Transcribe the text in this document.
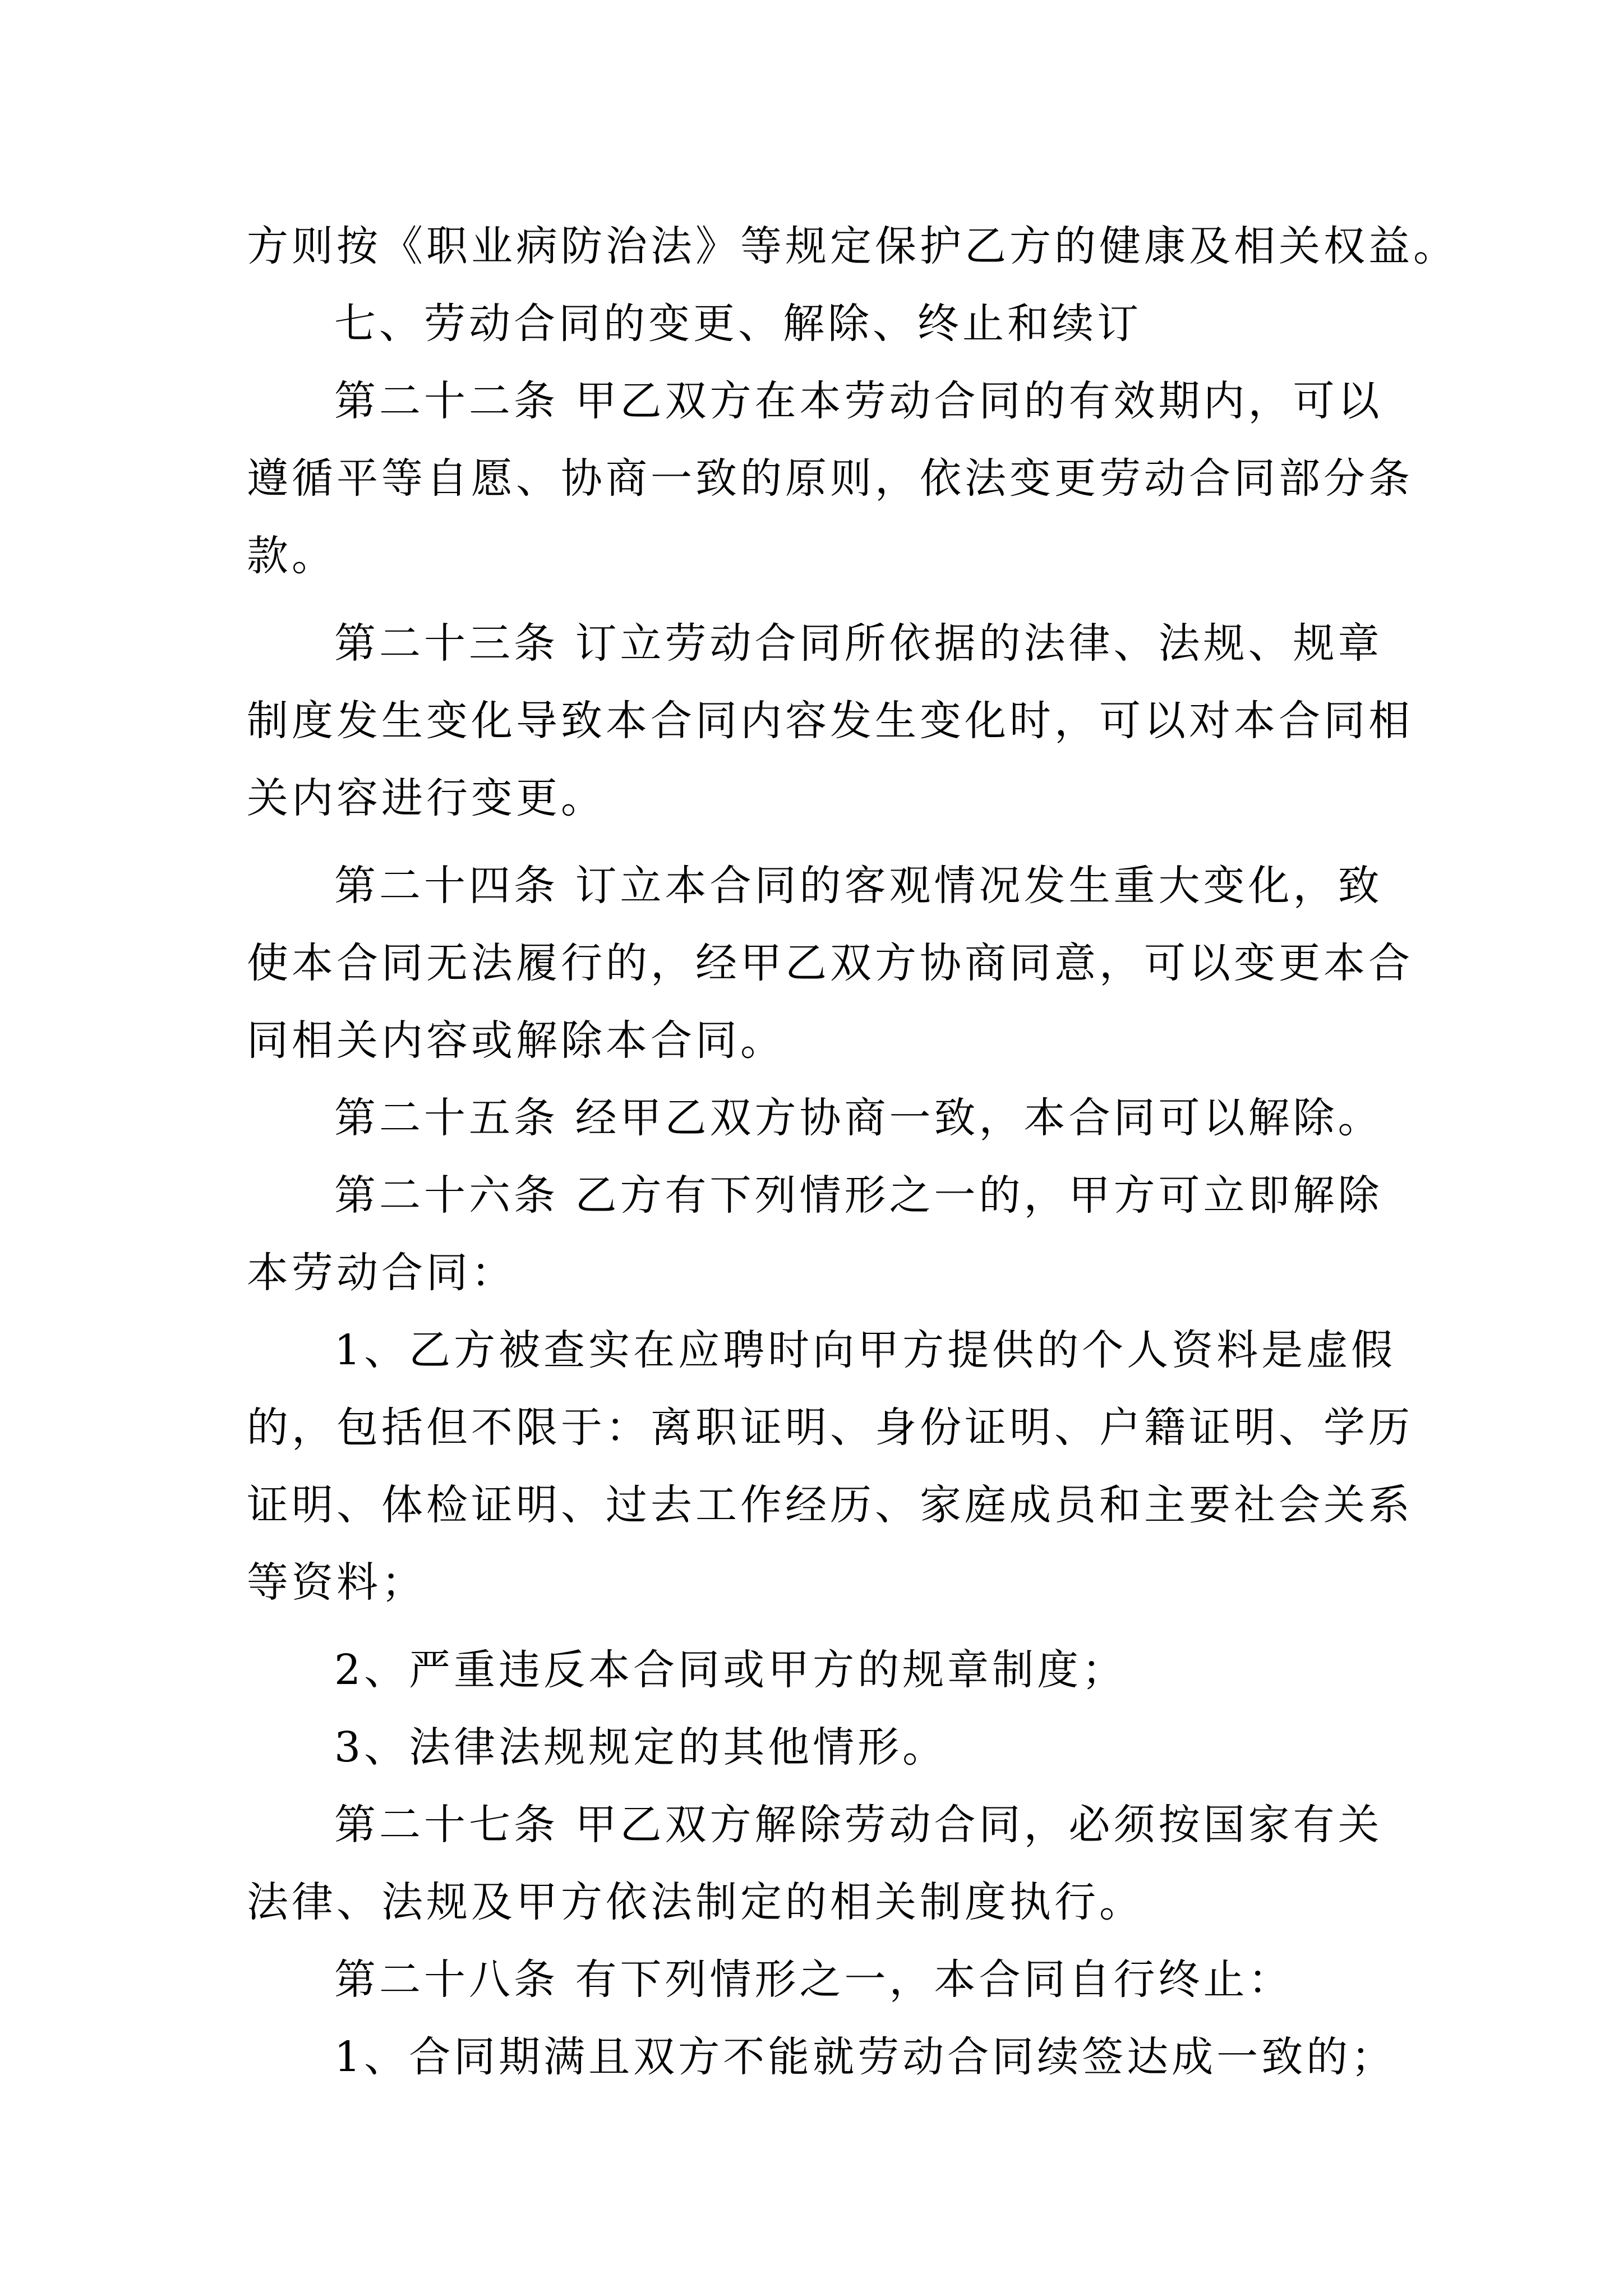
方则按《职业病防治法》等规定保护乙方的健康及相关权益。
七、劳动合同的变更、解除、终止和续订
第二十二条 甲乙双方在本劳动合同的有效期内，可以
遵循平等自愿、协商一致的原则，依法变更劳动合同部分条
款。
第二十三条 订立劳动合同所依据的法律、法规、规章
制度发生变化导致本合同内容发生变化时，可以对本合同相
关内容进行变更。
第二十四条 订立本合同的客观情况发生重大变化，致
使本合同无法履行的，经甲乙双方协商同意，可以变更本合
同相关内容或解除本合同。
第二十五条 经甲乙双方协商一致，本合同可以解除。
第二十六条 乙方有下列情形之一的，甲方可立即解除
本劳动合同：
1、乙方被查实在应聘时向甲方提供的个人资料是虚假
的，包括但不限于：离职证明、身份证明、户籍证明、学历
证明、体检证明、过去工作经历、家庭成员和主要社会关系
等资料；
2、严重违反本合同或甲方的规章制度；
3、法律法规规定的其他情形。
第二十七条 甲乙双方解除劳动合同，必须按国家有关
法律、法规及甲方依法制定的相关制度执行。
第二十八条 有下列情形之一，本合同自行终止：
1、合同期满且双方不能就劳动合同续签达成一致的；
